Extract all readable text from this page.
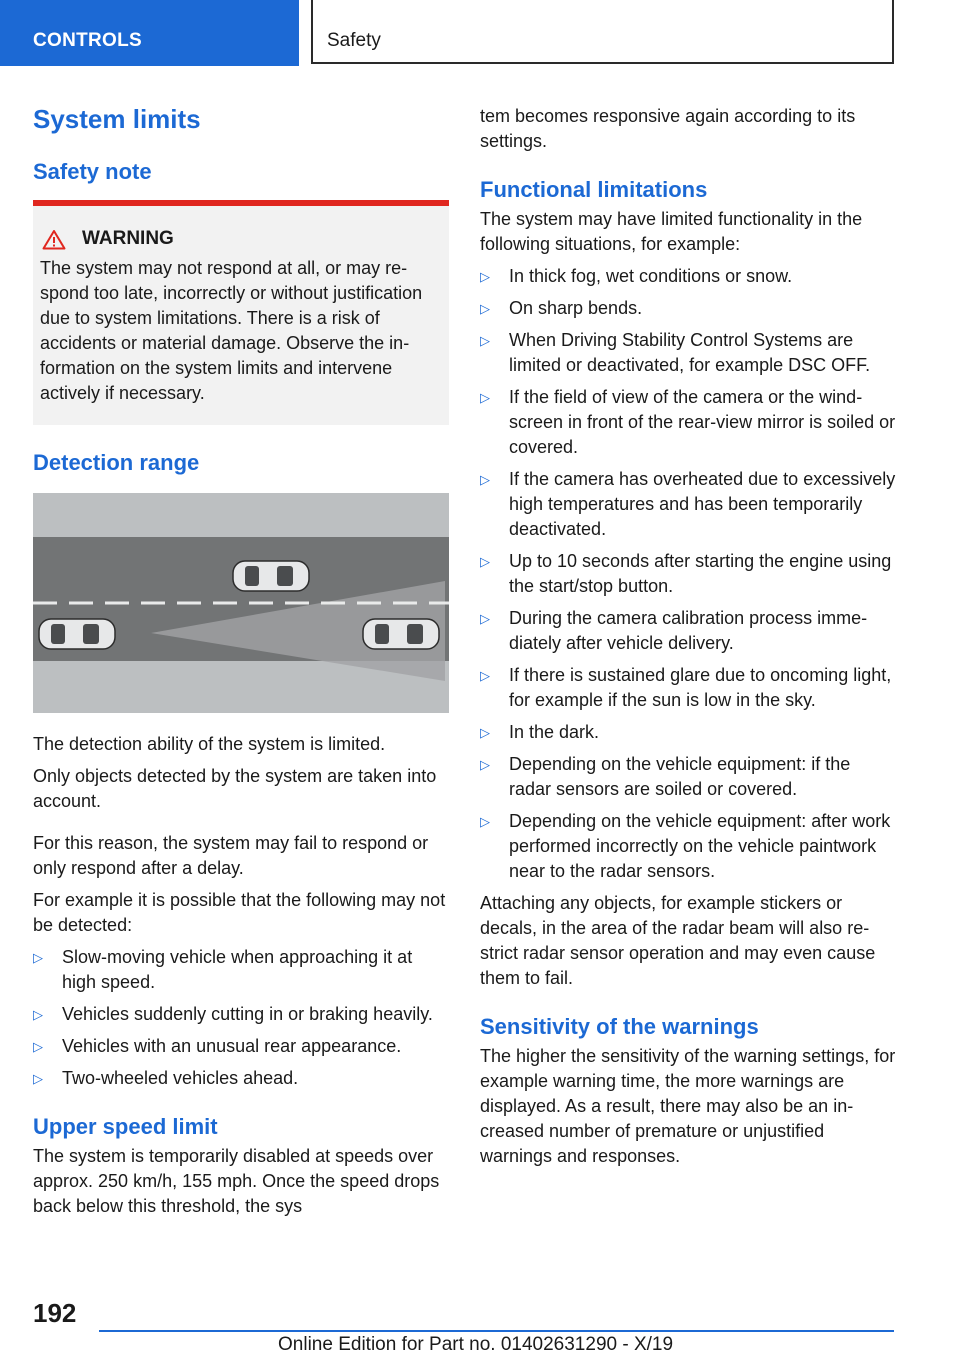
CONTROLS	Safety
System limits
Safety note
WARNING

The system may not respond at all, or may respond too late, incorrectly or without justification due to system limitations. There is a risk of accidents or material damage. Observe the information on the system limits and intervene actively if necessary.

Detection range

The detection ability of the system is limited.

Only objects detected by the system are taken into account.

For this reason, the system may fail to respond or only respond after a delay.

For example it is possible that the following may not be detected:

▷ Slow-moving vehicle when approaching it at high speed.
▷ Vehicles suddenly cutting in or braking heavily.
▷ Vehicles with an unusual rear appearance.
▷ Two-wheeled vehicles ahead.
Upper speed limit

The system is temporarily disabled at speeds over approx. 250 km/h, 155 mph. Once the speed drops back below this threshold, the sys

tem becomes responsive again according to its settings.

Functional limitations

The system may have limited functionality in the following situations, for example:

▷ In thick fog, wet conditions or snow.
▷ On sharp bends.
▷ When Driving Stability Control Systems are limited or deactivated, for example DSC OFF.
▷ If the field of view of the camera or the windscreen in front of the rear-view mirror is soiled or covered.
▷ If the camera has overheated due to excessively high temperatures and has been temporarily deactivated.
▷ Up to 10 seconds after starting the engine using the start/stop button.
▷ During the camera calibration process immediately after vehicle delivery.
▷ If there is sustained glare due to oncoming light, for example if the sun is low in the sky.
▷ In the dark.
▷ Depending on the vehicle equipment: if the radar sensors are soiled or covered.
▷ Depending on the vehicle equipment: after work performed incorrectly on the vehicle paintwork near to the radar sensors.

Attaching any objects, for example stickers or decals, in the area of the radar beam will also restrict radar sensor operation and may even cause them to fail.

Sensitivity of the warnings

The higher the sensitivity of the warning settings, for example warning time, the more warnings are displayed. As a result, there may also be an increased number of premature or unjustified warnings and responses.

192
Online Edition for Part no. 01402631290 - X/19
